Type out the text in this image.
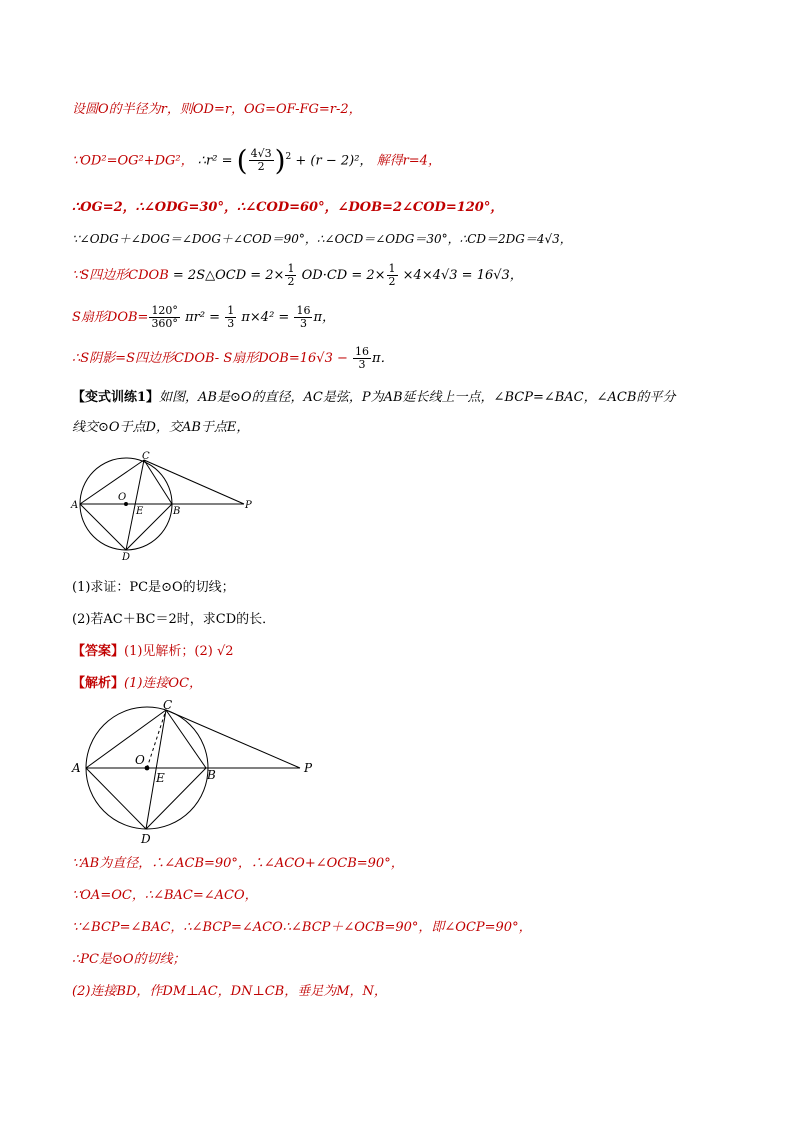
设圆O的半径为r，则OD=r，OG=OF-FG=r-2，
∵OD²=OG²+DG²， ∴r² = ( $\frac{4√3}{2} )^2 + (r - 2)^2$， 解得r=4，
∴OG=2，∴∠ODG=30°，∴∠COD=60°，∠DOB=2∠COD=120°，
∵∠ODG＋∠DOG＝∠DOG＋∠COD＝90°，∴∠OCD＝∠ODG＝30°，∴CD＝2DG＝4√3，
∵S四边形CDOB = 2S△OCD = $2\times \frac{1}{2} OD\cdot CD = 2\times \frac{1}{2} \times 4\times 4√3 = 16√3$，
S扇形$DOB= \frac{120^\circ}{360^\circ} \pi r^2 = \frac{1}{3} \pi\times 4^2 = \frac{16}{3}$ π，
∴S阴影=S四边形CDOB- S扇形$DOB=16√3 - \frac{16}{3}$ π．
【变式训练1】如图，AB是⊙O的直径，AC是弦，P为AB延长线上一点，∠BCP=∠BAC，∠ACB的平分
线交⊙O于点D，交AB于点E，
A
C
O
E	B
P
D
(1)求证：PC是⊙O的切线；
(2)若AC＋BC＝2时，求CD的长．
【答案】(1)见解析；(2) √2
【解析】(1)连接OC，
A
C
O
E	B	P
D
∵AB为直径，∴∠ACB=90°，∴∠ACO+∠OCB=90°，
∵OA=OC，∴∠BAC=∠ACO，
∵∠BCP=∠BAC，∴∠BCP=∠ACO∴∠BCP＋∠OCB=90°，即∠OCP=90°，
∴PC是⊙O的切线；
(2)连接BD，作DM⊥AC，DN⊥CB，垂足为M，N，
